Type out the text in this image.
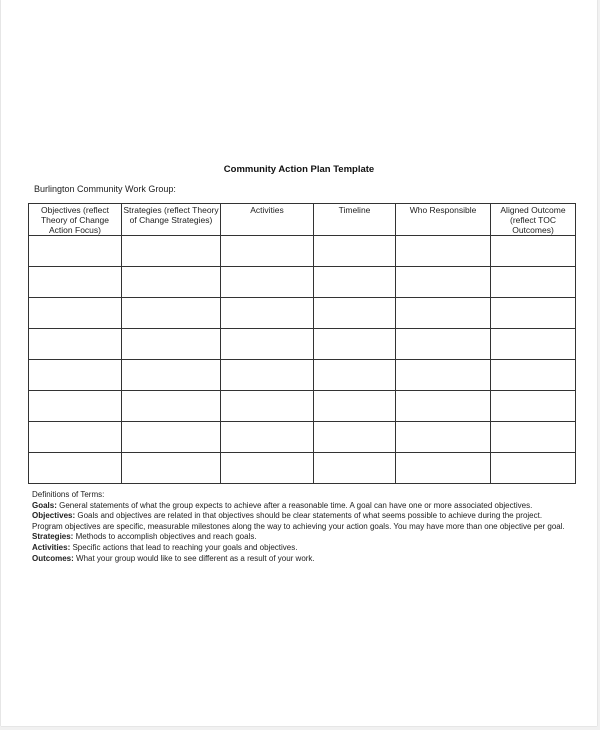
Community Action Plan Template
Burlington Community Work Group:
Objectives (reflect Theory of Change Action Focus)	Strategies (reflect Theory of Change Strategies)	Activities	Timeline	Who Responsible	Aligned Outcome (reflect TOC Outcomes)

Definitions of Terms:

Goals: General statements of what the group expects to achieve after a reasonable time. A goal can have one or more associated objectives.

Objectives: Goals and objectives are related in that objectives should be clear statements of what seems possible to achieve during the project.

Program objectives are specific, measurable milestones along the way to achieving your action goals. You may have more than one objective per goal.

Strategies: Methods to accomplish objectives and reach goals.

Activities: Specific actions that lead to reaching your goals and objectives.

Outcomes: What your group would like to see different as a result of your work.
